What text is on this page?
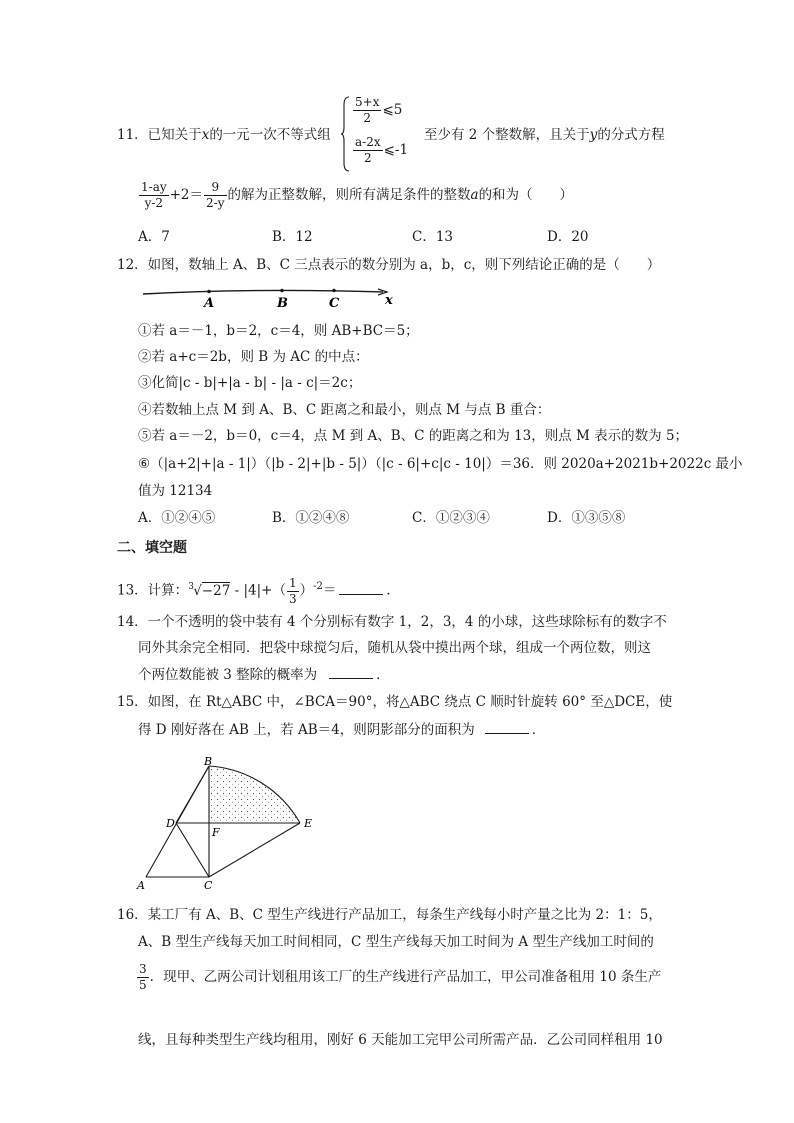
11．已知关于x的一元一次不等式组
$\frac{5+x}{2}$ ⩽5
$\frac{a-2x}{2}$ ⩽-1
至少有 2 个整数解，且关于y的分式方程
$\frac{1-ay}{y-2} +2= \frac{9}{2-y}$ 的解为正整数解，则所有满足条件的整数a的和为（　　）
A．7	B．12	C．13	D．20
12．如图，数轴上 A、B、C 三点表示的数分别为 a，b，c，则下列结论正确的是（　　）
A	B	C	x
①若 a＝－1，b＝2，c＝4，则 AB+BC＝5；
②若 a+c＝2b，则 B 为 AC 的中点：
③化简|c - b|+|a - b| - |a - c|＝2c；
④若数轴上点 M 到 A、B、C 距离之和最小，则点 M 与点 B 重合：
⑤若 a＝－2，b＝0，c＝4，点 M 到 A、B、C 的距离之和为 13，则点 M 表示的数为 5；
⑥（|a+2|+|a - 1|）（|b - 2|+|b - 5|）（|c - 6|+c|c - 10|）＝36．则 2020a+2021b+2022c 最小
值为 12134
A．①②④⑤	B．①②④⑧	C．①②③④	D．①③⑤⑧
二、填空题
13．计算： 3 $√-27 - |4|+( \frac{1}{3} )^{-2}=$	．
14．一个不透明的袋中装有 4 个分别标有数字 1，2，3，4 的小球，这些球除标有的数字不
同外其余完全相同．把袋中球搅匀后，随机从袋中摸出两个球，组成一个两位数，则这
个两位数能被 3 整除的概率为	．
15．如图，在 Rt△ABC 中，∠BCA＝90°，将△ABC 绕点 C 顺时针旋转 60° 至△DCE，使
得 D 刚好落在 AB 上，若 AB＝4，则阴影部分的面积为	．
B
D
F
E
A	C
16．某工厂有 A、B、C 型生产线进行产品加工，每条生产线每小时产量之比为 2：1：5，
A、B 型生产线每天加工时间相同，C 型生产线每天加工时间为 A 型生产线加工时间的
$\frac{3}{5}$ ．现甲、乙两公司计划租用该工厂的生产线进行产品加工，甲公司准备租用 10 条生产
线，且每种类型生产线均租用，刚好 6 天能加工完甲公司所需产品．乙公司同样租用 10
